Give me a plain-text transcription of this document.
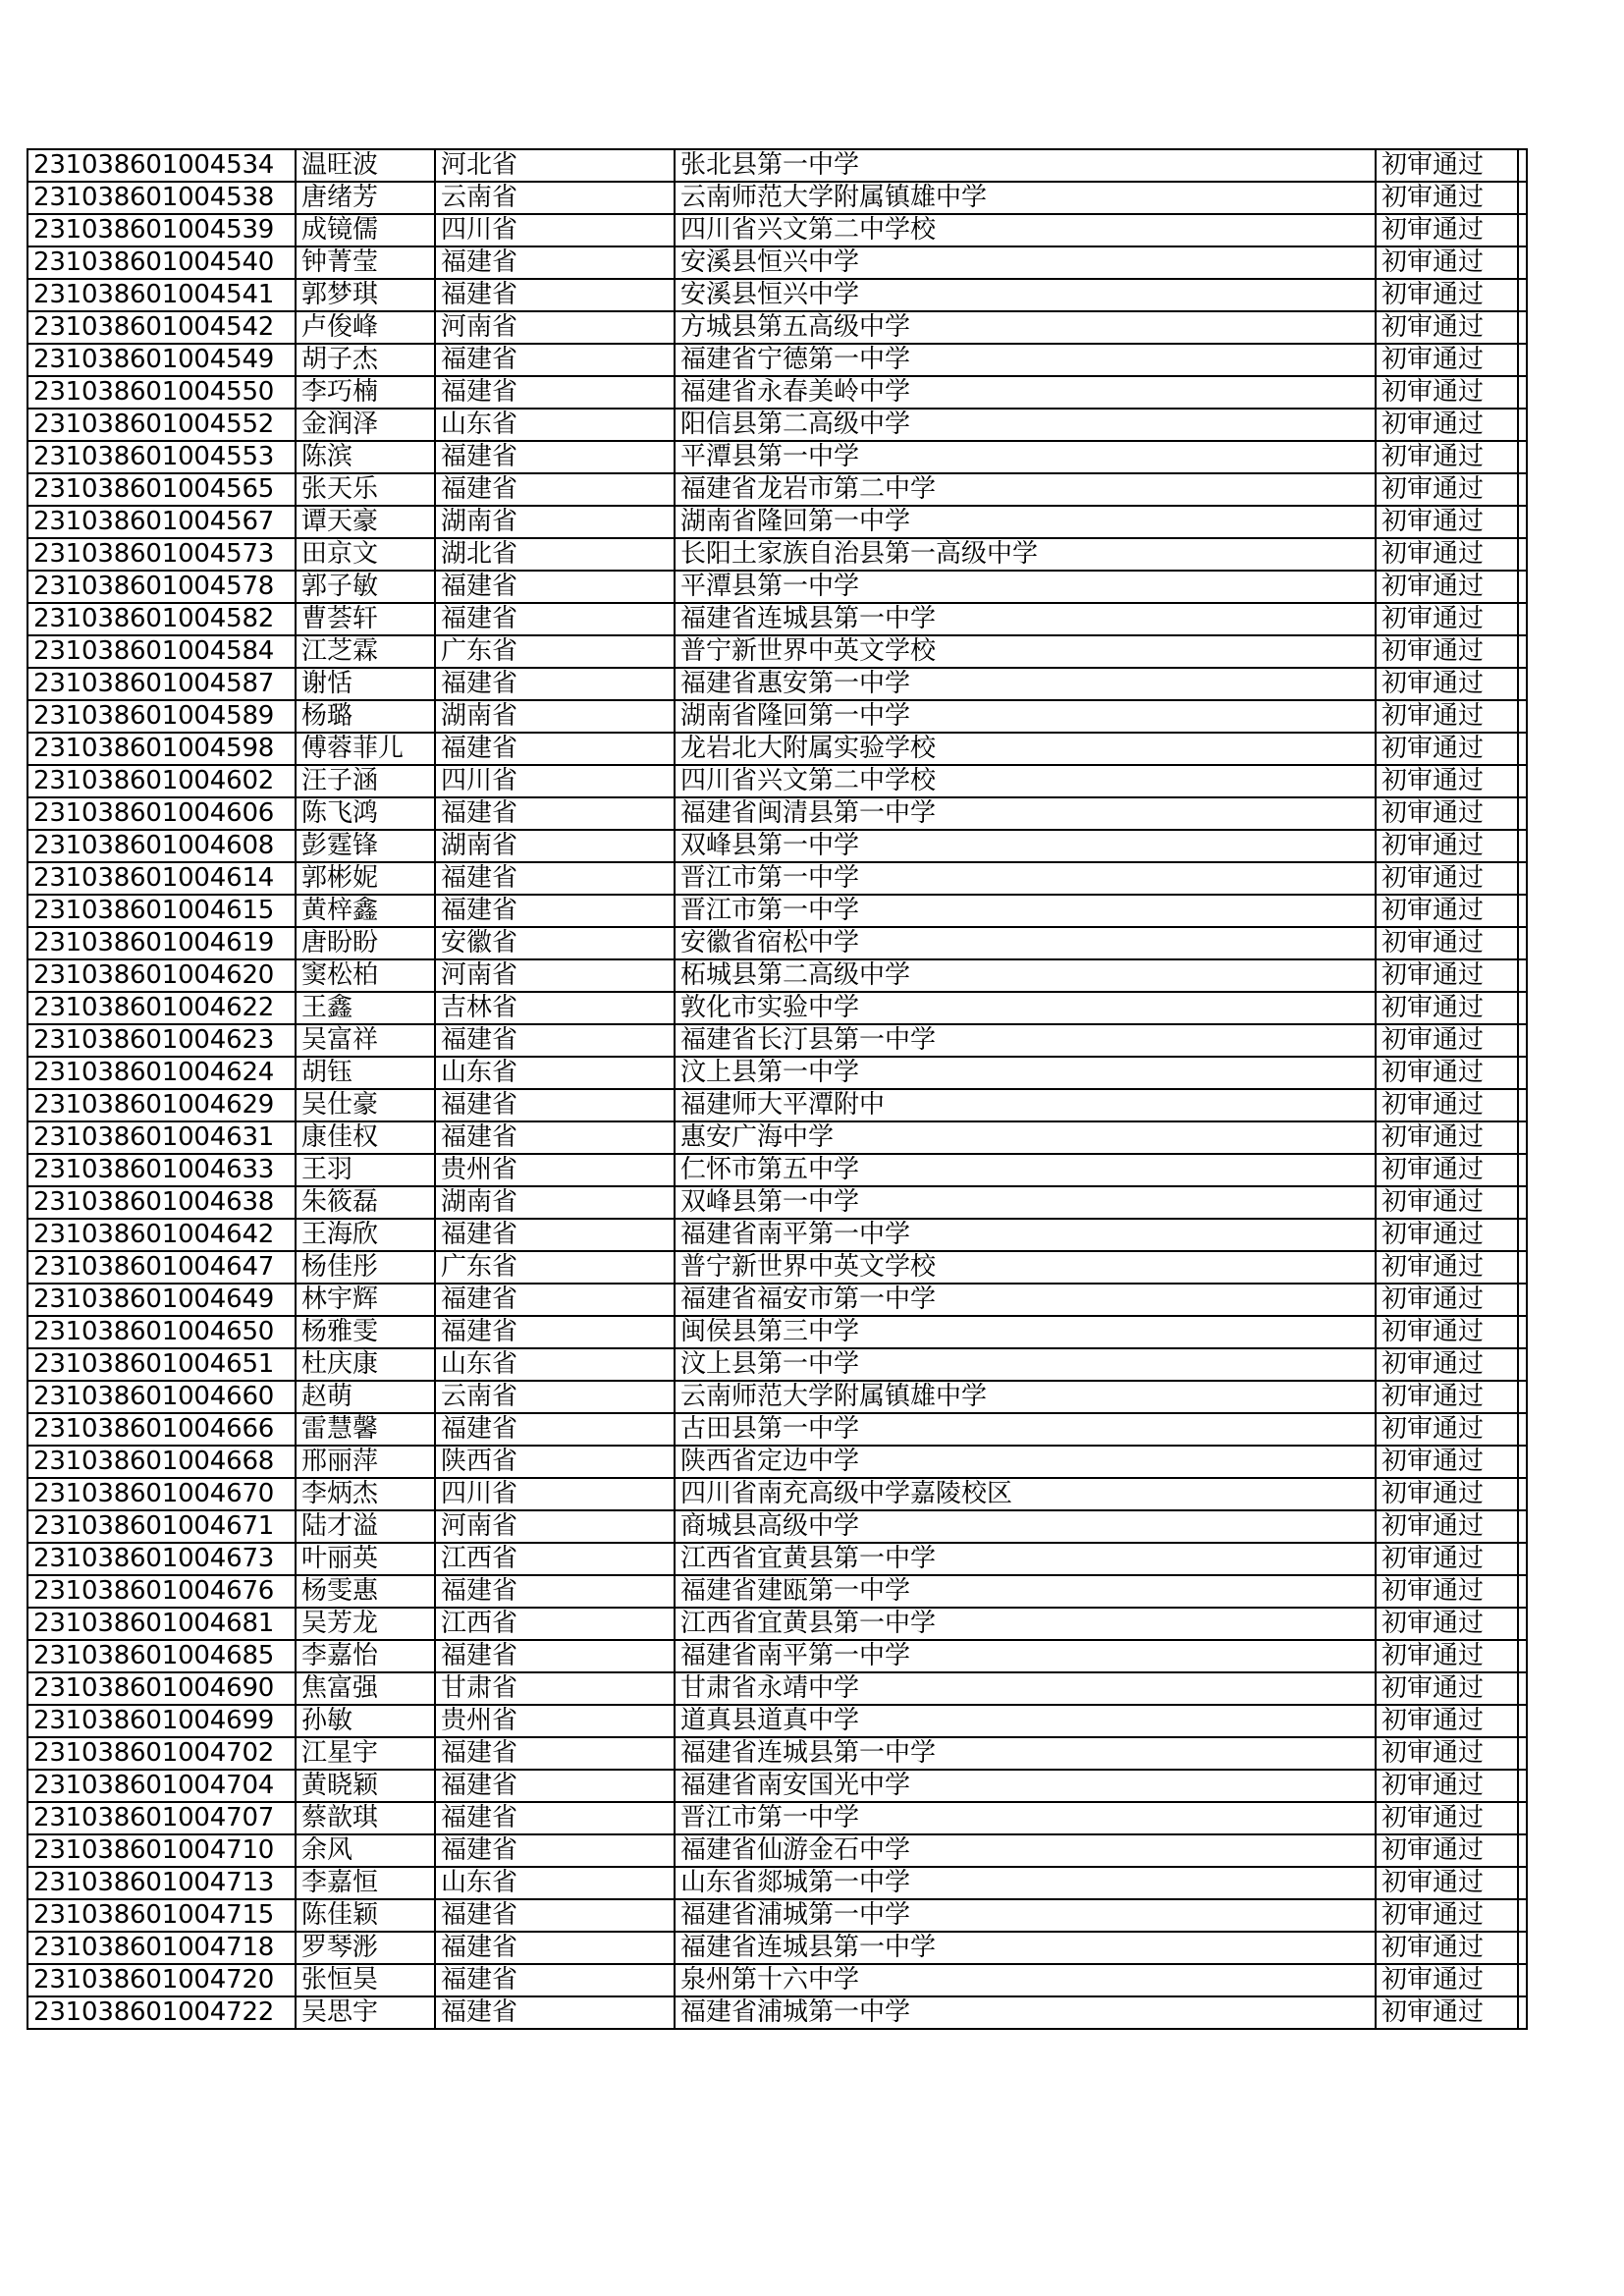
231038601004534	温旺波	河北省	张北县第一中学	初审通过	
231038601004538	唐绪芳	云南省	云南师范大学附属镇雄中学	初审通过	
231038601004539	成镜儒	四川省	四川省兴文第二中学校	初审通过	
231038601004540	钟菁莹	福建省	安溪县恒兴中学	初审通过	
231038601004541	郭梦琪	福建省	安溪县恒兴中学	初审通过	
231038601004542	卢俊峰	河南省	方城县第五高级中学	初审通过	
231038601004549	胡子杰	福建省	福建省宁德第一中学	初审通过	
231038601004550	李巧楠	福建省	福建省永春美岭中学	初审通过	
231038601004552	金润泽	山东省	阳信县第二高级中学	初审通过	
231038601004553	陈滨	福建省	平潭县第一中学	初审通过	
231038601004565	张天乐	福建省	福建省龙岩市第二中学	初审通过	
231038601004567	谭天豪	湖南省	湖南省隆回第一中学	初审通过	
231038601004573	田京文	湖北省	长阳土家族自治县第一高级中学	初审通过	
231038601004578	郭子敏	福建省	平潭县第一中学	初审通过	
231038601004582	曹荟轩	福建省	福建省连城县第一中学	初审通过	
231038601004584	江芝霖	广东省	普宁新世界中英文学校	初审通过	
231038601004587	谢恬	福建省	福建省惠安第一中学	初审通过	
231038601004589	杨璐	湖南省	湖南省隆回第一中学	初审通过	
231038601004598	傅蓉菲儿	福建省	龙岩北大附属实验学校	初审通过	
231038601004602	汪子涵	四川省	四川省兴文第二中学校	初审通过	
231038601004606	陈飞鸿	福建省	福建省闽清县第一中学	初审通过	
231038601004608	彭霆锋	湖南省	双峰县第一中学	初审通过	
231038601004614	郭彬妮	福建省	晋江市第一中学	初审通过	
231038601004615	黄梓鑫	福建省	晋江市第一中学	初审通过	
231038601004619	唐盼盼	安徽省	安徽省宿松中学	初审通过	
231038601004620	窦松柏	河南省	柘城县第二高级中学	初审通过	
231038601004622	王鑫	吉林省	敦化市实验中学	初审通过	
231038601004623	吴富祥	福建省	福建省长汀县第一中学	初审通过	
231038601004624	胡钰	山东省	汶上县第一中学	初审通过	
231038601004629	吴仕豪	福建省	福建师大平潭附中	初审通过	
231038601004631	康佳权	福建省	惠安广海中学	初审通过	
231038601004633	王羽	贵州省	仁怀市第五中学	初审通过	
231038601004638	朱筱磊	湖南省	双峰县第一中学	初审通过	
231038601004642	王海欣	福建省	福建省南平第一中学	初审通过	
231038601004647	杨佳彤	广东省	普宁新世界中英文学校	初审通过	
231038601004649	林宇辉	福建省	福建省福安市第一中学	初审通过	
231038601004650	杨雅雯	福建省	闽侯县第三中学	初审通过	
231038601004651	杜庆康	山东省	汶上县第一中学	初审通过	
231038601004660	赵萌	云南省	云南师范大学附属镇雄中学	初审通过	
231038601004666	雷慧馨	福建省	古田县第一中学	初审通过	
231038601004668	邢丽萍	陕西省	陕西省定边中学	初审通过	
231038601004670	李炳杰	四川省	四川省南充高级中学嘉陵校区	初审通过	
231038601004671	陆才溢	河南省	商城县高级中学	初审通过	
231038601004673	叶丽英	江西省	江西省宜黄县第一中学	初审通过	
231038601004676	杨雯惠	福建省	福建省建瓯第一中学	初审通过	
231038601004681	吴芳龙	江西省	江西省宜黄县第一中学	初审通过	
231038601004685	李嘉怡	福建省	福建省南平第一中学	初审通过	
231038601004690	焦富强	甘肃省	甘肃省永靖中学	初审通过	
231038601004699	孙敏	贵州省	道真县道真中学	初审通过	
231038601004702	江星宇	福建省	福建省连城县第一中学	初审通过	
231038601004704	黄晓颖	福建省	福建省南安国光中学	初审通过	
231038601004707	蔡歆琪	福建省	晋江市第一中学	初审通过	
231038601004710	余风	福建省	福建省仙游金石中学	初审通过	
231038601004713	李嘉恒	山东省	山东省郯城第一中学	初审通过	
231038601004715	陈佳颖	福建省	福建省浦城第一中学	初审通过	
231038601004718	罗琴浵	福建省	福建省连城县第一中学	初审通过	
231038601004720	张恒昊	福建省	泉州第十六中学	初审通过	
231038601004722	吴思宇	福建省	福建省浦城第一中学	初审通过	
